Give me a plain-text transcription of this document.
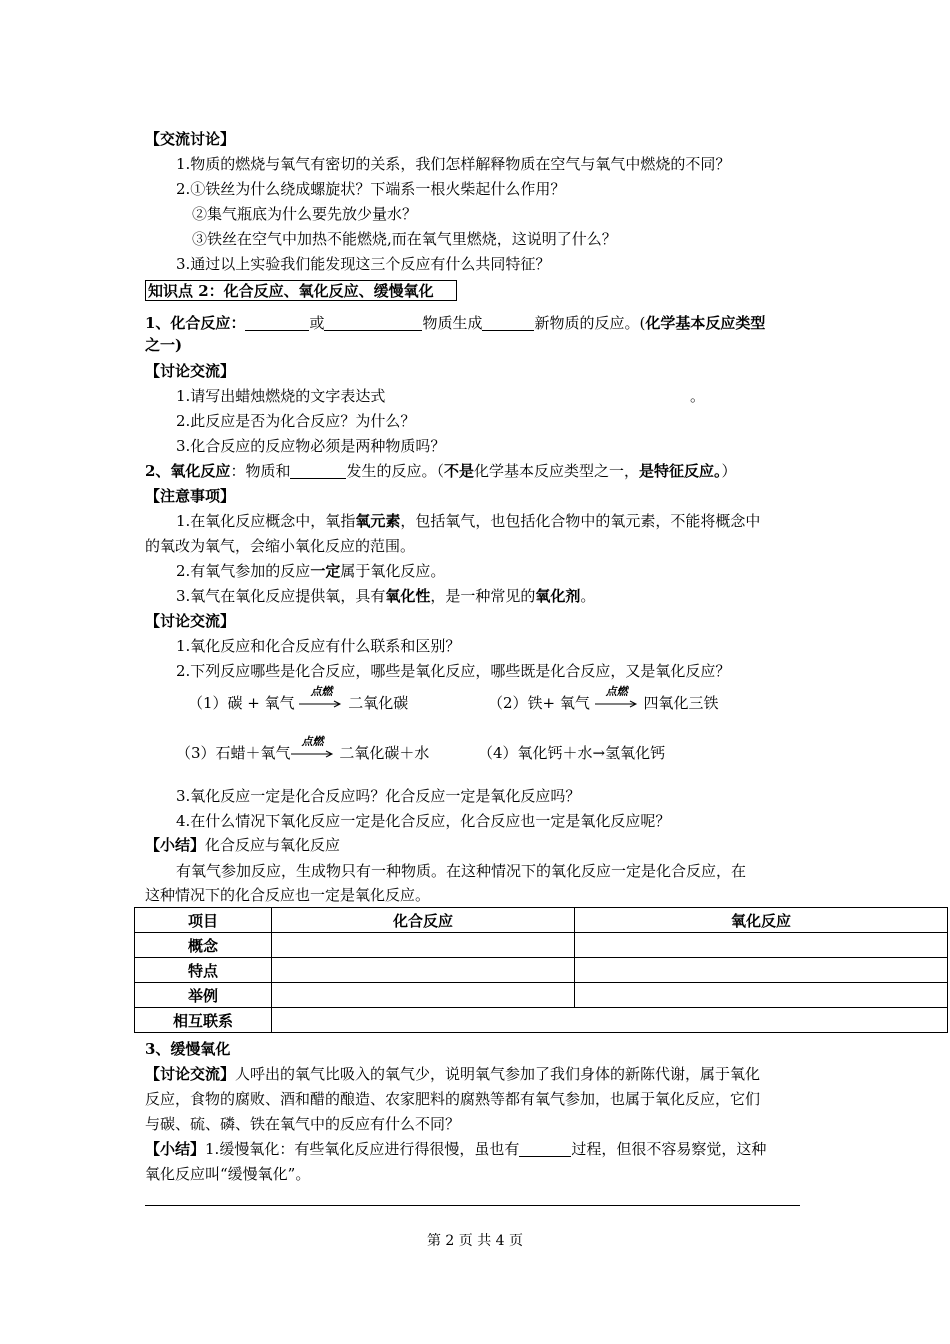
【交流讨论】
1.物质的燃烧与氧气有密切的关系，我们怎样解释物质在空气与氧气中燃烧的不同？
2.①铁丝为什么绕成螺旋状？下端系一根火柴起什么作用？
②集气瓶底为什么要先放少量水？
③铁丝在空气中加热不能燃烧,而在氧气里燃烧，这说明了什么？
3.通过以上实验我们能发现这三个反应有什么共同特征？
知识点 2：化合反应、氧化反应、缓慢氧化
1、化合反应：	或	物质生成	新物质的反应。(化学基本反应类型
之一)
【讨论交流】
1.请写出蜡烛燃烧的文字表达式	。
2.此反应是否为化合反应？为什么？
3.化合反应的反应物必须是两种物质吗？
2、氧化反应：物质和	发生的反应。（不是化学基本反应类型之一，是特征反应。）
【注意事项】
1.在氧化反应概念中，氧指氧元素，包括氧气，也包括化合物中的氧元素，不能将概念中
的氧改为氧气，会缩小氧化反应的范围。
2.有氧气参加的反应一定属于氧化反应。
3.氧气在氧化反应提供氧，具有氧化性，是一种常见的氧化剂。
【讨论交流】
1.氧化反应和化合反应有什么联系和区别？
2.下列反应哪些是化合反应，哪些是氧化反应，哪些既是化合反应，又是氧化反应？
（1）碳 + 氧气
点燃
二氧化碳	（2）铁+ 氧气
点燃
四氧化三铁
（3）石蜡＋氧气
点燃
二氧化碳＋水	（4）氧化钙＋水→氢氧化钙
3.氧化反应一定是化合反应吗？化合反应一定是氧化反应吗？
4.在什么情况下氧化反应一定是化合反应，化合反应也一定是氧化反应呢？
【小结】化合反应与氧化反应
有氧气参加反应，生成物只有一种物质。在这种情况下的氧化反应一定是化合反应，在
这种情况下的化合反应也一定是氧化反应。
项目	化合反应	氧化反应
概念		
特点		
举例		
相互联系		
3、缓慢氧化
【讨论交流】人呼出的氧气比吸入的氧气少，说明氧气参加了我们身体的新陈代谢，属于氧化
反应，食物的腐败、酒和醋的酿造、农家肥料的腐熟等都有氧气参加，也属于氧化反应，它们
与碳、硫、磷、铁在氧气中的反应有什么不同？
【小结】1.缓慢氧化：有些氧化反应进行得很慢，虽也有	过程，但很不容易察觉，这种
氧化反应叫“缓慢氧化”。
第 2 页 共 4 页
